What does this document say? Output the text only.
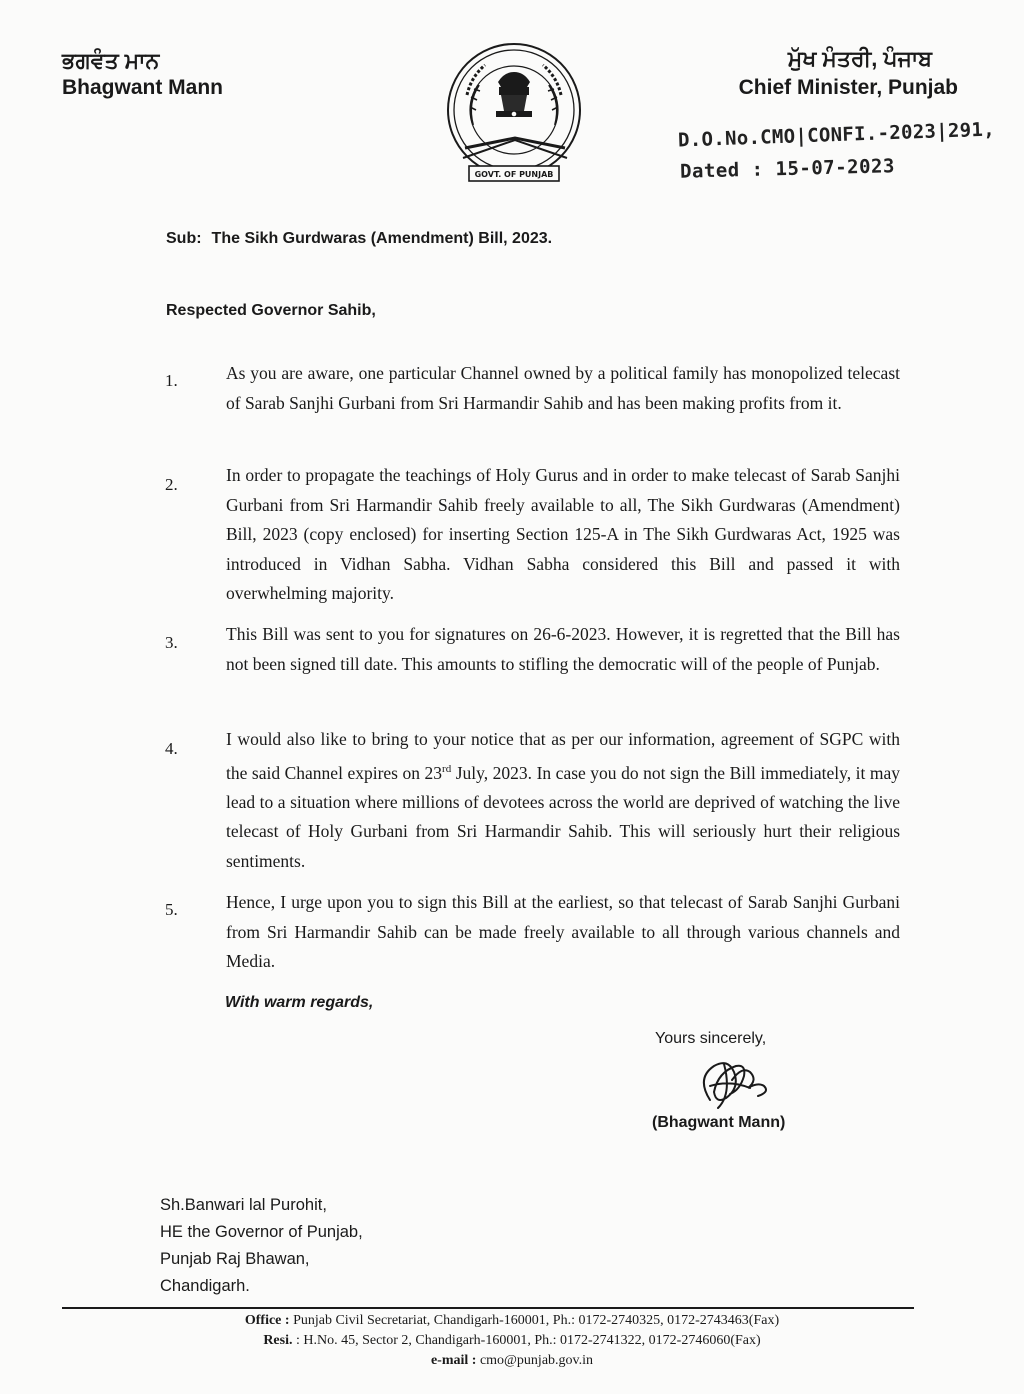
ਭਗਵੰਤ ਮਾਨ
Bhagwant Mann
GOVT. OF PUNJAB
ਮੁੱਖ ਮੰਤਰੀ, ਪੰਜਾਬ
Chief Minister, Punjab
D.O.No.CMO|CONFI.-2023|291,
Dated : 15-07-2023
Sub: The Sikh Gurdwaras (Amendment) Bill, 2023.
Respected Governor Sahib,
1.	As you are aware, one particular Channel owned by a political family has monopolized telecast of Sarab Sanjhi Gurbani from Sri Harmandir Sahib and has been making profits from it.
2.	In order to propagate the teachings of Holy Gurus and in order to make telecast of Sarab Sanjhi Gurbani from Sri Harmandir Sahib freely available to all, The Sikh Gurdwaras (Amendment) Bill, 2023 (copy enclosed) for inserting Section 125-A in The Sikh Gurdwaras Act, 1925 was introduced in Vidhan Sabha. Vidhan Sabha considered this Bill and passed it with overwhelming majority.
3.	This Bill was sent to you for signatures on 26-6-2023. However, it is regretted that the Bill has not been signed till date. This amounts to stifling the democratic will of the people of Punjab.
4.	I would also like to bring to your notice that as per our information, agreement of SGPC with the said Channel expires on 23rd July, 2023. In case you do not sign the Bill immediately, it may lead to a situation where millions of devotees across the world are deprived of watching the live telecast of Holy Gurbani from Sri Harmandir Sahib. This will seriously hurt their religious sentiments.
5.	Hence, I urge upon you to sign this Bill at the earliest, so that telecast of Sarab Sanjhi Gurbani from Sri Harmandir Sahib can be made freely available to all through various channels and Media.
With warm regards,
Yours sincerely,
(Bhagwant Mann)
Sh.Banwari lal Purohit,
HE the Governor of Punjab,
Punjab Raj Bhawan,
Chandigarh.
Office : Punjab Civil Secretariat, Chandigarh-160001, Ph.: 0172-2740325, 0172-2743463(Fax)
Resi. : H.No. 45, Sector 2, Chandigarh-160001, Ph.: 0172-2741322, 0172-2746060(Fax)
e-mail : cmo@punjab.gov.in
